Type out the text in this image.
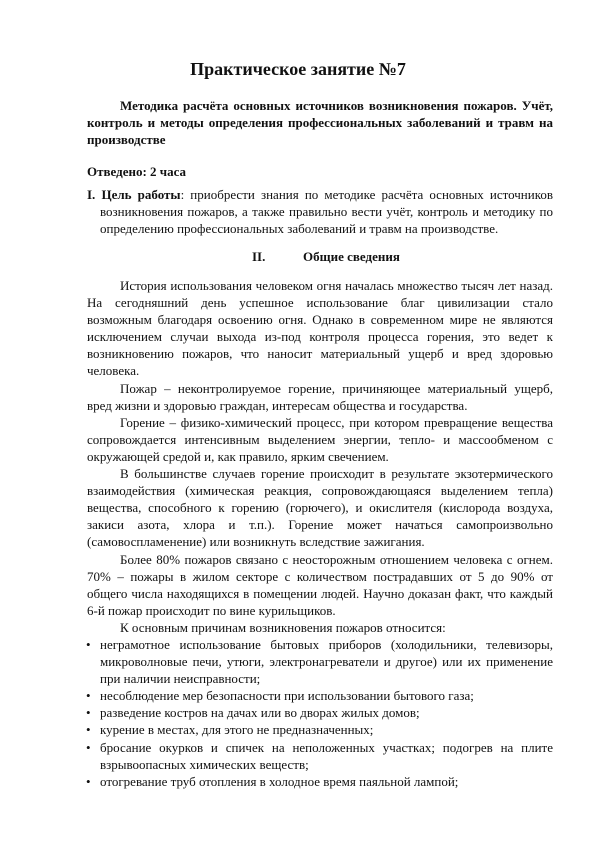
Практическое занятие №7
Методика расчёта основных источников возникновения пожаров. Учёт, контроль и методы определения профессиональных заболеваний и травм на производстве
Отведено: 2 часа
I. Цель работы: приобрести знания по методике расчёта основных источников возникновения пожаров, а также правильно вести учёт, контроль и методику по определению профессиональных заболеваний и травм на производстве.
II.	Общие сведения

История использования человеком огня началась множество тысяч лет назад. На сегодняшний день успешное использование благ цивилизации стало возможным благодаря освоению огня. Однако в современном мире не являются исключением случаи выхода из-под контроля процесса горения, это ведет к возникновению пожаров, что наносит материальный ущерб и вред здоровью человека.

Пожар – неконтролируемое горение, причиняющее материальный ущерб, вред жизни и здоровью граждан, интересам общества и государства.

Горение – физико-химический процесс, при котором превращение вещества сопровождается интенсивным выделением энергии, тепло- и массообменом с окружающей средой и, как правило, ярким свечением.

В большинстве случаев горение происходит в результате экзотермического взаимодействия (химическая реакция, сопровождающаяся выделением тепла) вещества, способного к горению (горючего), и окислителя (кислорода воздуха, закиси азота, хлора и т.п.). Горение может начаться самопроизвольно (самовоспламенение) или возникнуть вследствие зажигания.

Более 80% пожаров связано с неосторожным отношением человека с огнем. 70% – пожары в жилом секторе с количеством пострадавших от 5 до 90% от общего числа находящихся в помещении людей. Научно доказан факт, что каждый 6-й пожар происходит по вине курильщиков.

К основным причинам возникновения пожаров относится:

• неграмотное использование бытовых приборов (холодильники, телевизоры, микроволновые печи, утюги, электронагреватели и другое) или их применение при наличии неисправности;
• несоблюдение мер безопасности при использовании бытового газа;
• разведение костров на дачах или во дворах жилых домов;
• курение в местах, для этого не предназначенных;
• бросание окурков и спичек на неположенных участках; подогрев на плите взрывоопасных химических веществ;
• отогревание труб отопления в холодное время паяльной лампой;
